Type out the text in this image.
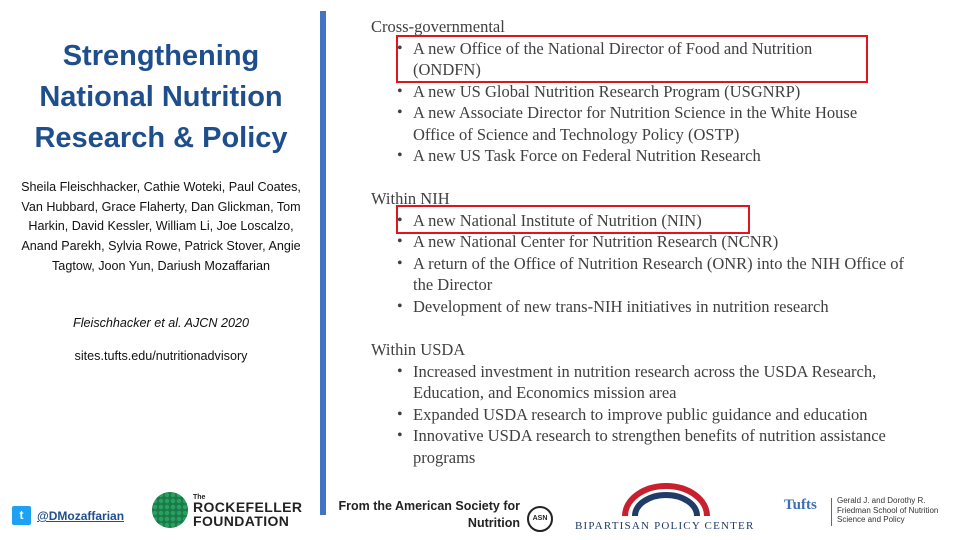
Strengthening National Nutrition Research & Policy
Sheila Fleischhacker, Cathie Woteki, Paul Coates, Van Hubbard, Grace Flaherty, Dan Glickman, Tom Harkin, David Kessler, William Li, Joe Loscalzo, Anand Parekh, Sylvia Rowe, Patrick Stover, Angie Tagtow, Joon Yun, Dariush Mozaffarian
Fleischhacker et al. AJCN 2020
sites.tufts.edu/nutritionadvisory
Cross-governmental
• A new Office of the National Director of Food and Nutrition (ONDFN)
• A new US Global Nutrition Research Program (USGNRP)
• A new Associate Director for Nutrition Science in the White House Office of Science and Technology Policy (OSTP)
• A new US Task Force on Federal Nutrition Research
Within NIH
• A new National Institute of Nutrition (NIN)
• A new National Center for Nutrition Research (NCNR)
• A return of the Office of Nutrition Research (ONR) into the NIH Office of the Director
• Development of new trans-NIH initiatives in nutrition research
Within USDA
• Increased investment in nutrition research across the USDA Research, Education, and Economics mission area
• Expanded USDA research to improve public guidance and education
• Innovative USDA research to strengthen benefits of nutrition assistance programs
t	@DMozaffarian
The
ROCKEFELLER
FOUNDATION
From the American Society for
Nutrition	ASN
BIPARTISAN POLICY CENTER
Tufts	Gerald J. and Dorothy R. Friedman School of Nutrition Science and Policy
